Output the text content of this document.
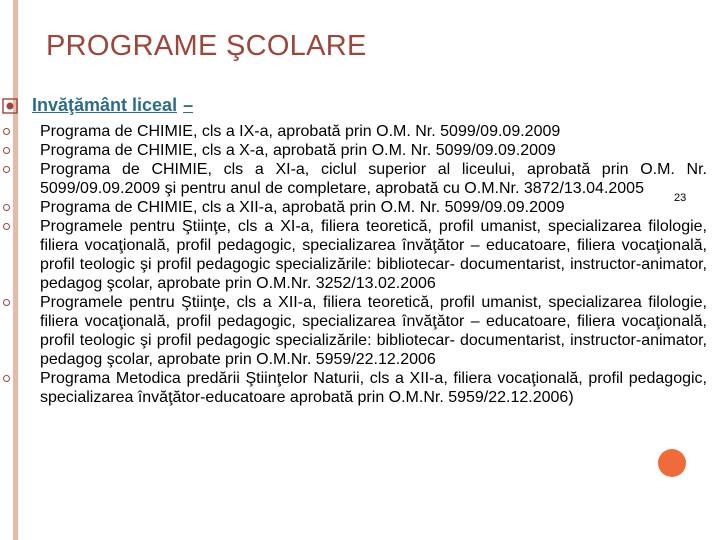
PROGRAME ŞCOLARE
Invăţământ liceal –
Programa de CHIMIE, cls a IX-a, aprobată prin O.M. Nr. 5099/09.09.2009
Programa de CHIMIE, cls a X-a, aprobată prin O.M. Nr. 5099/09.09.2009
Programa de CHIMIE, cls a XI-a, ciclul superior al liceului, aprobată prin O.M. Nr. 5099/09.09.2009 şi pentru anul de completare, aprobată cu O.M.Nr. 3872/13.04.2005
Programa de CHIMIE, cls a XII-a, aprobată prin O.M. Nr. 5099/09.09.2009
Programele pentru Ştiinţe, cls a XI-a, filiera teoretică, profil umanist, specializarea filologie, filiera vocaţională, profil pedagogic, specializarea învăţător – educatoare, filiera vocaţională, profil teologic şi profil pedagogic specializările: bibliotecar- documentarist, instructor-animator, pedagog şcolar, aprobate prin O.M.Nr. 3252/13.02.2006
Programele pentru Ştiinţe, cls a XII-a, filiera teoretică, profil umanist, specializarea filologie, filiera vocaţională, profil pedagogic, specializarea învăţător – educatoare, filiera vocaţională, profil teologic şi profil pedagogic specializările: bibliotecar- documentarist, instructor-animator, pedagog şcolar, aprobate prin O.M.Nr. 5959/22.12.2006
Programa Metodica predării Ştiinţelor Naturii, cls a XII-a, filiera vocaţională, profil pedagogic, specializarea învăţător-educatoare aprobată prin O.M.Nr. 5959/22.12.2006)
23
